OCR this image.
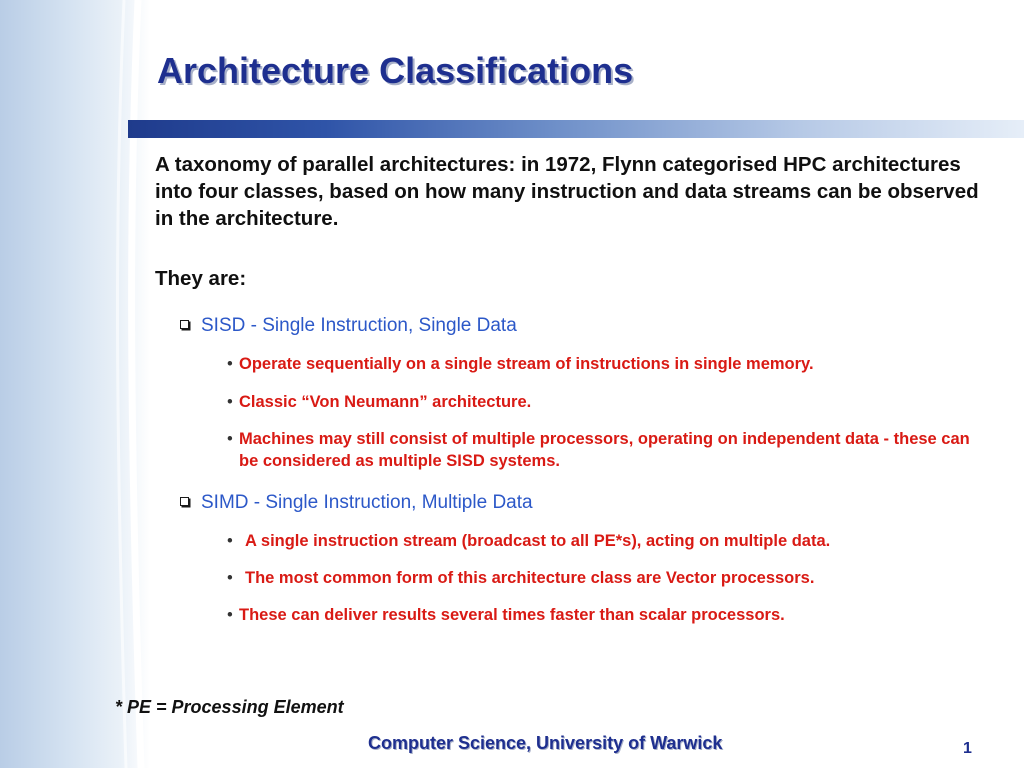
Architecture Classifications

A taxonomy of parallel architectures: in 1972, Flynn categorised HPC architectures into four classes, based on how many instruction and data streams can be observed in the architecture.

They are:

SISD - Single Instruction, Single Data

• Operate sequentially on a single stream of instructions in single memory.

• Classic “Von Neumann” architecture.

• Machines may still consist of multiple processors, operating on independent data - these can be considered as multiple SISD systems.

SIMD - Single Instruction, Multiple Data

• A single instruction stream (broadcast to all PE*s), acting on multiple data.

• The most common form of this architecture class are Vector processors.

• These can deliver results several times faster than scalar processors.

* PE = Processing Element

Computer Science, University of Warwick	1
